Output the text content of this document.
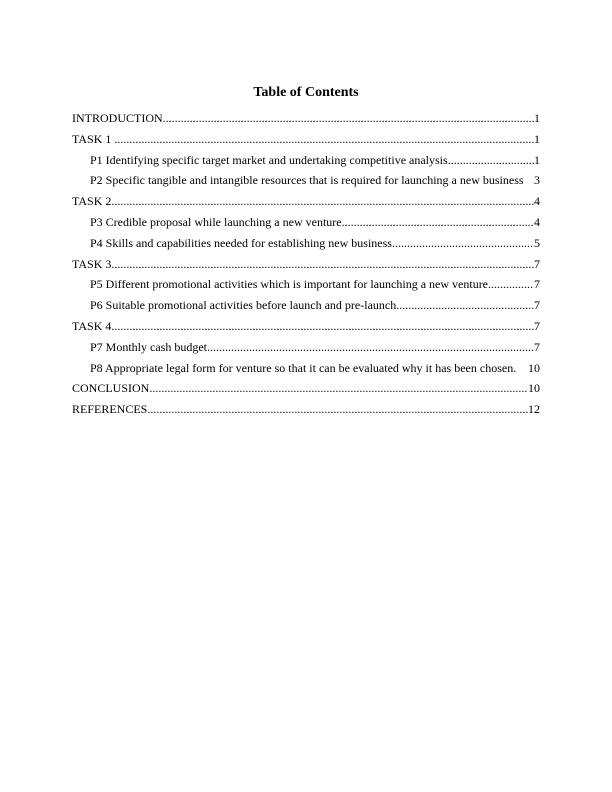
Table of Contents
INTRODUCTION .....	1
TASK 1 .....	1
P1 Identifying specific target market and undertaking competitive analysis .....	1
P2 Specific tangible and intangible resources that is required for launching a new business 3
TASK 2 .....	4
P3 Credible proposal while launching a new venture .....	4
P4 Skills and capabilities needed for establishing new business .....	5
TASK 3 .....	7
P5 Different promotional activities which is important for launching a new venture .....	7
P6 Suitable promotional activities before launch and pre-launch .....	7
TASK 4 .....	7
P7 Monthly cash budget .....	7
P8 Appropriate legal form for venture so that it can be evaluated why it has been chosen. 10
CONCLUSION .....	10
REFERENCES .....	12
